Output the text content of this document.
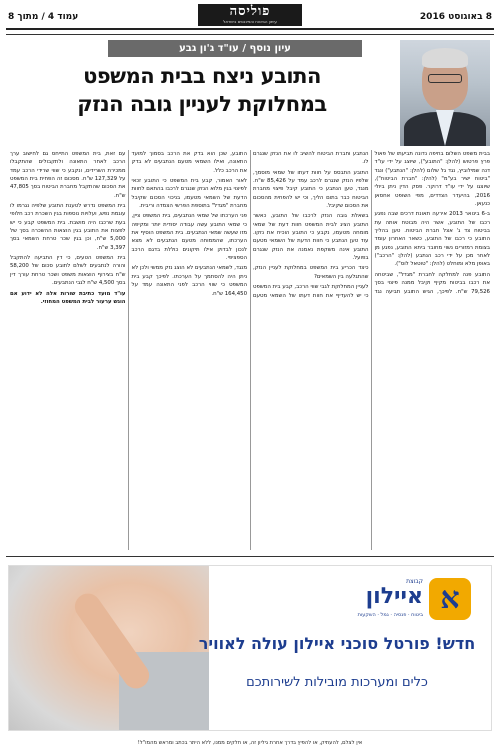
8 באוגוסט 2016
פוליסה
עיתון הביטוח והפיננסים בישראל
עמוד 4 / מתוך 8
עיון נוסף / עו"ד ג'ון גבע
התובע ניצח בבית המשפט
במחלוקת לעניין גובה הנזק

בבית משפט השלום בחיפה נדונה תביעתו של פאול פרץ פרטוש (להלן: "התובע"), שיוצג על ידי עו"ד דנה שמילוביץ, נגד גל שלום (להלן: "הנתבע") ונגד "ביטוח ישיר בע"מ" (להלן: "חברת הביטוח"), שיוצגו על ידי עו"ד דרוקר. פסק הדין ניתן ביולי 2016, בהיעדר הצדדים, מפי השופט אחסאן כנעאן.

ב-6 בינואר 2013 אירעה תאונת דרכים שבה נפגע רכבו של התובע, אשר היה מבוטח אותה עת בביטוח צד ג' אצל חברת הביטוח. טען בהליך התובע כי רכבו של התובע, כשאר האחרון עומד בצומת רמזורים נשוי מחובר ביתא התובע, נפגע מן לאחר מכן על ידי רכב הנתבע (להלן: "הרכב") באופן מלא ומוחלט (להלן: "טוטאל לוס").

התובע פנה למחלקה לחברת "מגדל", שביטחה את רכבו בביטוח מקיף וקיבל ממנה פיצוי בסך 79,526 ש"ח. לפיכך, הגיש התובע תביעה נגד הנתבע וחברת הביטוח להשיב לו את הנזק שנגרם לו.

התובע התבסס על חוות דעתו של שמאי מוסמך, שלפיו הנזק שנגרם לרכב עמד על 85,426 ש"ח. מנגד, טען הנתבע כי התובע קיבל פיצוי מחברת הביטוח כבר בתום הליך, וכי יש להפחית מהסכום את הסכום שקיבל.

בשאלת גובה הנזק לרכבו של התובע, כאשר התובע הציג לבית המשפט חוות דעת של שמאי מומחה מטעמו, נקבע כי התובע הוכיח את נזקו. עוד טען הנתבע כי חוות הדעת של השמאי מטעם התובע אינה משקפת נאמנה את הנזק שנגרם בפועל.

כיצד הכריע בית המשפט במחלוקת לעניין הנזק, שהתגלעה בין השמאים?

לעניין המחלוקת לגבי שווי הרכב, קבע בית המשפט כי יש להעדיף את חוות דעתו של השמאי מטעם התובע, שכן הוא בדק את הרכב בסמוך למועד התאונה, ואילו השמאי מטעם הנתבעים לא בדק את הרכב כלל.

לאור האמור, קבע בית המשפט כי התובע זכאי לפיצוי בגין מלוא הנזק שנגרם לרכבו בהתאם לחוות הדעת של השמאי מטעמו, בניכוי הסכום שקיבל מחברת "מגדל" בתוספת הפרשי הצמדה וריבית.

פני הערכתו של שמאי הנתבעים, בית המשפט ציין, כי שמאי התובע עשה עבודה יסודית יותר ומקיפה מזו שעשה שמאי הנתבעים. בית המשפט הוסיף את הערכתו, שהממוחה מטעם הנתבעים לא מצא לנכון לבדוק אילו תיקונים כוללת בדגם הרכב הספציפי.

מנגד, לשמאי הנתבעים לא הוצג נזק ממשי ולכן לא ניתן היה להסתמך על הערכתו. לפיכך קבע בית המשפט כי שווי הרכב לפני התאונה עמד על 164,450 ש"ח.

עם זאת, בית המשפט התייחס גם לחישוב ערך הרכב לאחר התאונה ולתקבולים שהתקבלו ממכירת השרידים, ונקבע כי שווי שרידי הרכב עמד על 127,329 ש"ח. מסכום זה הפחית בית המשפט את הסכום שהתקבל מחברת הביטוח בסך 47,805 ש"ח.

בית המשפט נדרש לטענת התובע שלפיה נגרמו לו עוגמת נפש, ועלויות נוספות בגין השכרת רכב חלופי בעת שרכבו היה מושבת. בית המשפט קבע כי יש לפצות את התובע בגין הוצאות ההשכרה בסך של 5,000 ש"ח, וכן בגין שכר טרחת השמאי בסך 3,397 ש"ח.

בית המשפט הטעים, כי דין התביעה להתקבל והורה לנתבעים לשלם לתובע סכום של 58,200 ש"ח בצירוף הוצאות משפט ושכר טרחת עורך דין בסך 4,500 ש"ח לגבי הנתבעים.

עו"ד מועד כתיבת שורות אלה לא ידוע אם הוגש ערעור לבית המשפט המחוזי.

א
קבוצת
איילון
ביטוח · פנסיה · גמל · השקעות
חדש! פורטל סוכני איילון עולה לאוויר
כלים ומערכות מובילות לשירותכם
אין לצלם, להעתיק, או להפיץ בדרך אחרת גיליון זה, או חלקים ממנו, ללא היתר בכתב ומראש מהמו"ל!
